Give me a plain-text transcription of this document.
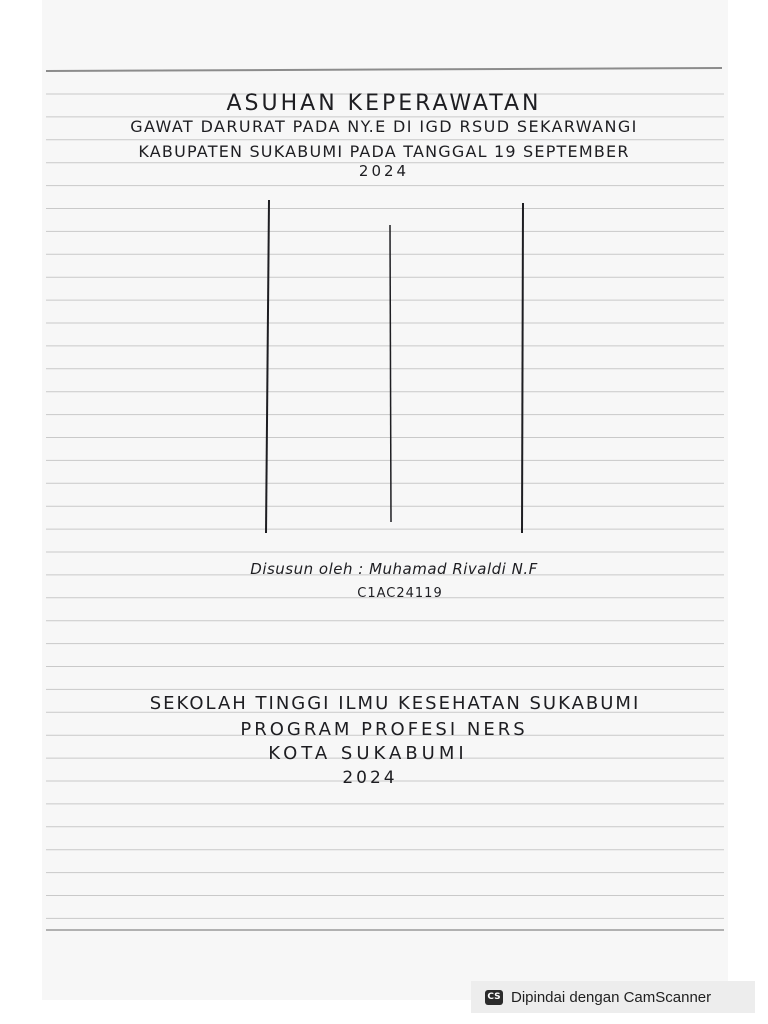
ASUHAN KEPERAWATAN
GAWAT DARURAT PADA NY.E DI IGD RSUD SEKARWANGI
KABUPATEN SUKABUMI PADA TANGGAL 19 SEPTEMBER
2024
Disusun oleh : Muhamad Rivaldi N.F
C1AC24119
SEKOLAH TINGGI ILMU KESEHATAN SUKABUMI
PROGRAM PROFESI NERS
KOTA SUKABUMI
2024
CS Dipindai dengan CamScanner
